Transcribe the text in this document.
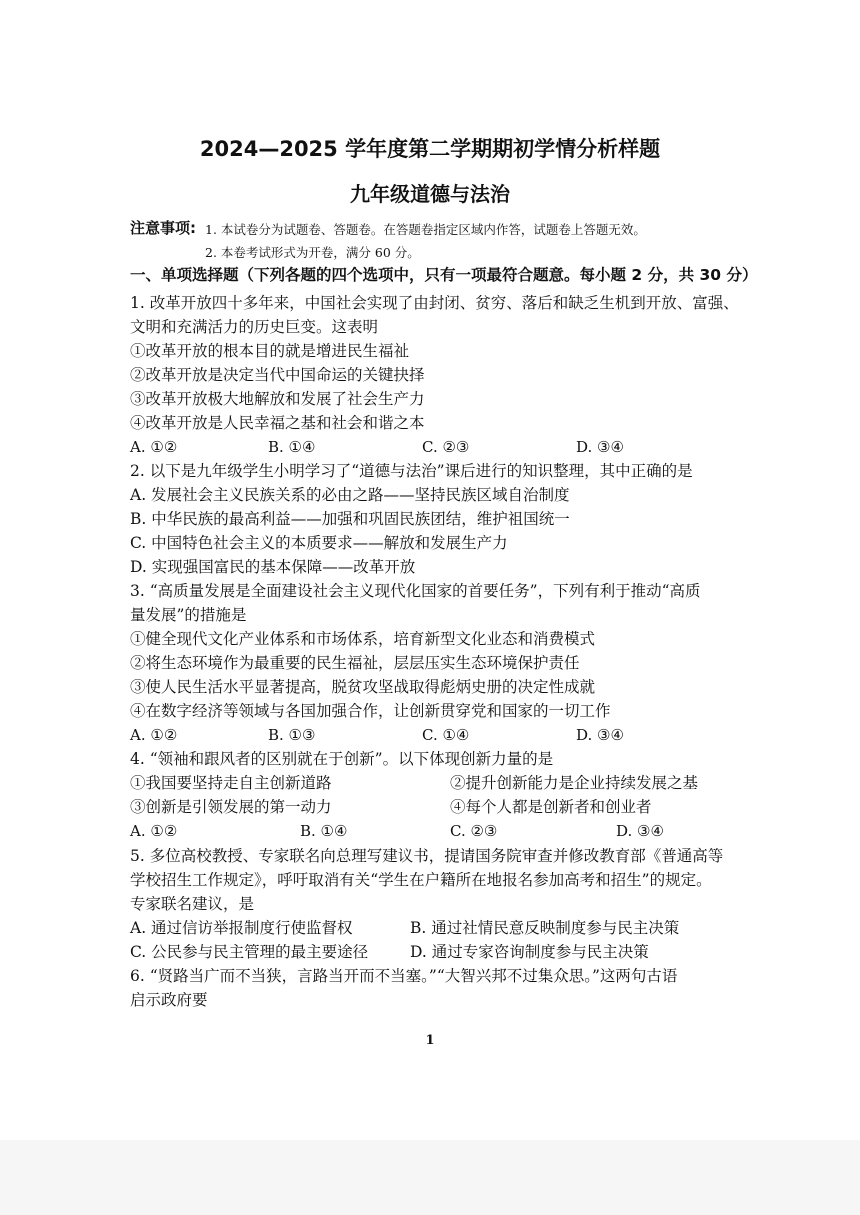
2024—2025 学年度第二学期期初学情分析样题
九年级道德与法治
注意事项: 1. 本试卷分为试题卷、答题卷。在答题卷指定区域内作答，试题卷上答题无效。
2. 本卷考试形式为开卷，满分 60 分。
一、单项选择题（下列各题的四个选项中，只有一项最符合题意。每小题 2 分，共 30 分）
1. 改革开放四十多年来，中国社会实现了由封闭、贫穷、落后和缺乏生机到开放、富强、
文明和充满活力的历史巨变。这表明
①改革开放的根本目的就是增进民生福祉
②改革开放是决定当代中国命运的关键抉择
③改革开放极大地解放和发展了社会生产力
④改革开放是人民幸福之基和社会和谐之本
A. ①②	B. ①④	C. ②③	D. ③④
2. 以下是九年级学生小明学习了“道德与法治”课后进行的知识整理，其中正确的是
A. 发展社会主义民族关系的必由之路——坚持民族区域自治制度
B. 中华民族的最高利益——加强和巩固民族团结，维护祖国统一
C. 中国特色社会主义的本质要求——解放和发展生产力
D. 实现强国富民的基本保障——改革开放
3. “高质量发展是全面建设社会主义现代化国家的首要任务”，下列有利于推动“高质
量发展”的措施是
①健全现代文化产业体系和市场体系，培育新型文化业态和消费模式
②将生态环境作为最重要的民生福祉，层层压实生态环境保护责任
③使人民生活水平显著提高，脱贫攻坚战取得彪炳史册的决定性成就
④在数字经济等领域与各国加强合作，让创新贯穿党和国家的一切工作
A. ①②	B. ①③	C. ①④	D. ③④
4. “领袖和跟风者的区别就在于创新”。以下体现创新力量的是
①我国要坚持走自主创新道路	②提升创新能力是企业持续发展之基
③创新是引领发展的第一动力	④每个人都是创新者和创业者
A. ①②	B. ①④	C. ②③	D. ③④
5. 多位高校教授、专家联名向总理写建议书，提请国务院审查并修改教育部《普通高等
学校招生工作规定》，呼吁取消有关“学生在户籍所在地报名参加高考和招生”的规定。
专家联名建议，是
A. 通过信访举报制度行使监督权	B. 通过社情民意反映制度参与民主决策
C. 公民参与民主管理的最主要途径	D. 通过专家咨询制度参与民主决策
6. “贤路当广而不当狭，言路当开而不当塞。”“大智兴邦不过集众思。”这两句古语
启示政府要
1
